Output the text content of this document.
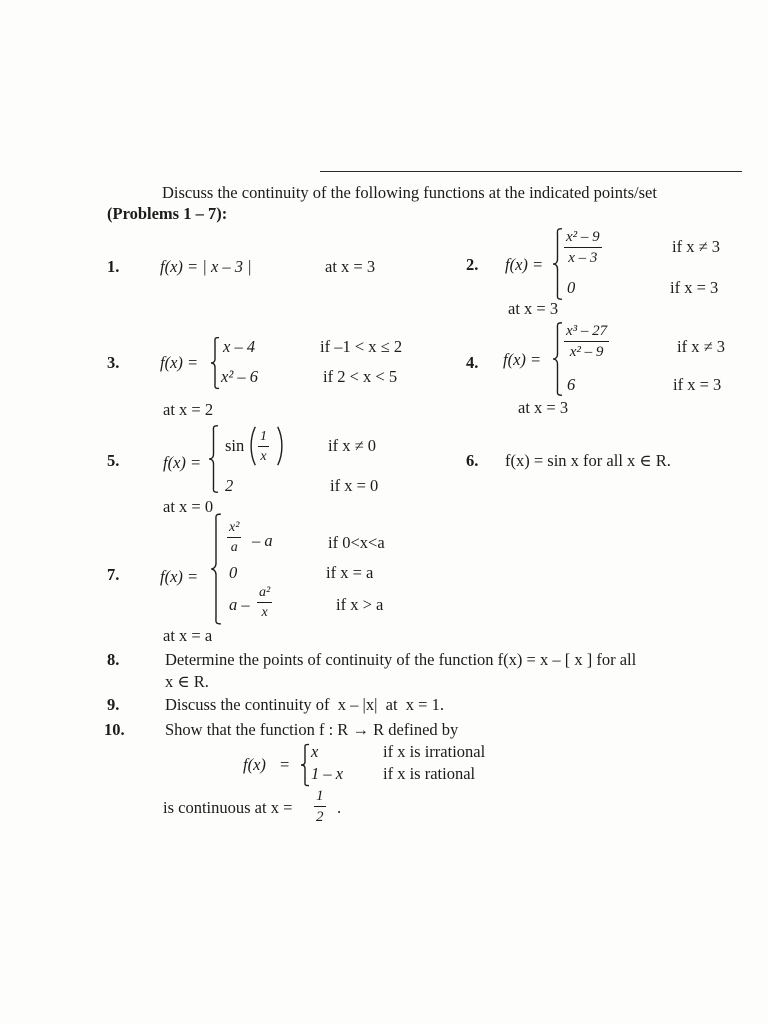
Discuss the continuity of the following functions at the indicated points/set
(Problems 1 – 7):
1. f(x) = | x – 3 |	at x = 3	2. $f(x) = \frac{\text{x² – 9}}{x - 3}$	if x ≠ 3
0	if x = 3
at x = 3
3. f(x) =
x – 4	if –1 < x ≤ 2
x² – 6	if 2 < x < 5
at x = 2
4. $f(x) = \frac{\text{x³ – 27}}{\text{x² – 9}}$	if x ≠ 3
6	if x = 3
at x = 3
5.	f(x) =
$\sin \frac{1}{x}$	if x ≠ 0
2	if x = 0
at x = 0
6. f(x) = sin x for all x ∈ R.
7. f(x) =
$\frac{\text{x²}}{a}$ – a	if 0<x<a
0	if x = a
a – $\frac{\text{a²}}{x}$	if x > a
at x = a
8.	Determine the points of continuity of the function f(x) = x – [ x ] for all
x ∈ R.
9.	Discuss the continuity of  x – |x|  at  x = 1.
10. Show that the function f : R → R defined by
f(x) =
x	if x is irrational
1 – x if x is rational
is continuous at $x = \frac{1}{2}$ .
